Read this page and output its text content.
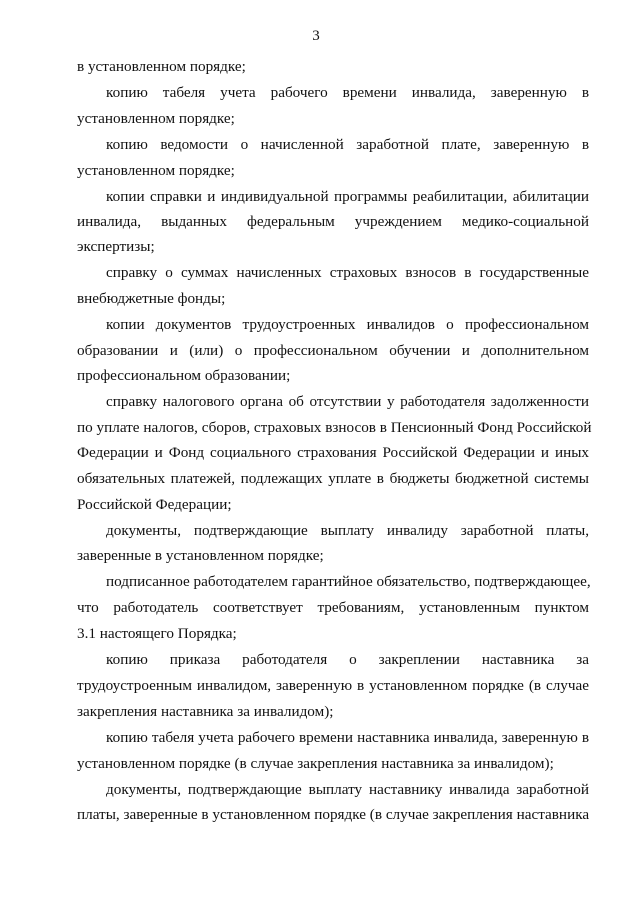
3
в установленном порядке;
копию табеля учета рабочего времени инвалида, заверенную в
установленном порядке;
копию ведомости о начисленной заработной плате, заверенную в
установленном порядке;
копии справки и индивидуальной программы реабилитации, абилитации
инвалида, выданных федеральным учреждением медико-социальной
экспертизы;
справку о суммах начисленных страховых взносов в государственные
внебюджетные фонды;
копии документов трудоустроенных инвалидов о профессиональном
образовании и (или) о профессиональном обучении и дополнительном
профессиональном образовании;
справку налогового органа об отсутствии у работодателя задолженности
по уплате налогов, сборов, страховых взносов в Пенсионный Фонд Российской
Федерации и Фонд социального страхования Российской Федерации и иных
обязательных платежей, подлежащих уплате в бюджеты бюджетной системы
Российской Федерации;
документы, подтверждающие выплату инвалиду заработной платы,
заверенные в установленном порядке;
подписанное работодателем гарантийное обязательство, подтверждающее,
что работодатель соответствует требованиям, установленным пунктом
3.1 настоящего Порядка;
копию приказа работодателя о закреплении наставника за
трудоустроенным инвалидом, заверенную в установленном порядке (в случае
закрепления наставника за инвалидом);
копию табеля учета рабочего времени наставника инвалида, заверенную в
установленном порядке (в случае закрепления наставника за инвалидом);
документы, подтверждающие выплату наставнику инвалида заработной
платы, заверенные в установленном порядке (в случае закрепления наставника
